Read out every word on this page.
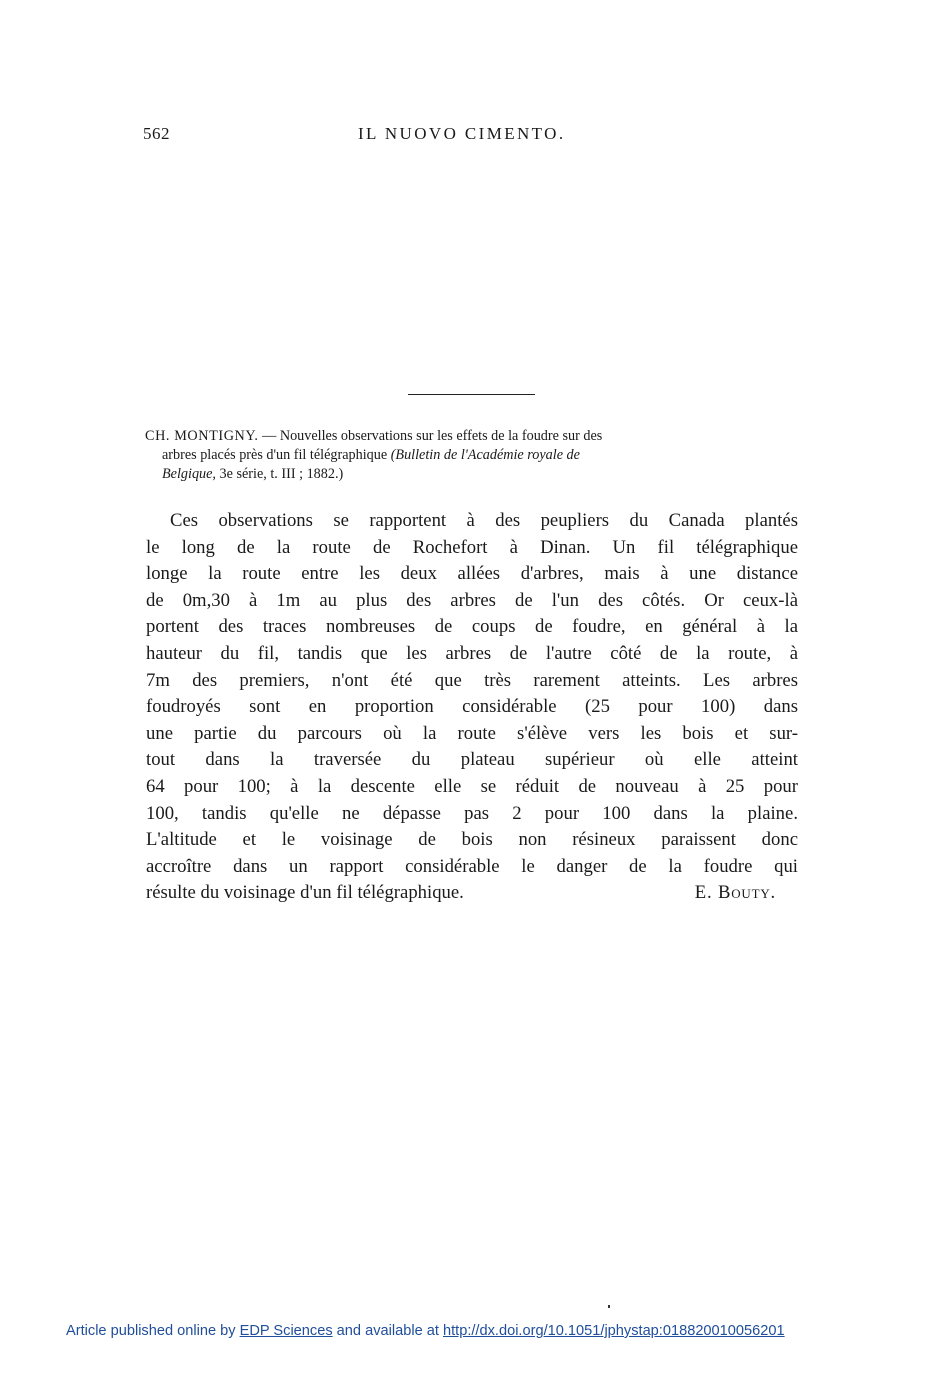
562	IL NUOVO CIMENTO.
CH. MONTIGNY. — Nouvelles observations sur les effets de la foudre sur des
arbres placés près d'un fil télégraphique (Bulletin de l'Académie royale de
Belgique, 3e série, t. III ; 1882.)
Ces observations se rapportent à des peupliers du Canada plantés
le long de la route de Rochefort à Dinan. Un fil télégraphique
longe la route entre les deux allées d'arbres, mais à une distance
de 0m,30 à 1m au plus des arbres de l'un des côtés. Or ceux-là
portent des traces nombreuses de coups de foudre, en général à la
hauteur du fil, tandis que les arbres de l'autre côté de la route, à
7m des premiers, n'ont été que très rarement atteints. Les arbres
foudroyés sont en proportion considérable (25 pour 100) dans
une partie du parcours où la route s'élève vers les bois et sur-
tout dans la traversée du plateau supérieur où elle atteint
64 pour 100; à la descente elle se réduit de nouveau à 25 pour
100, tandis qu'elle ne dépasse pas 2 pour 100 dans la plaine.
L'altitude et le voisinage de bois non résineux paraissent donc
accroître dans un rapport considérable le danger de la foudre qui
résulte du voisinage d'un fil télégraphique.	E. Bouty.
Article published online by EDP Sciences and available at http://dx.doi.org/10.1051/jphystap:018820010056201
